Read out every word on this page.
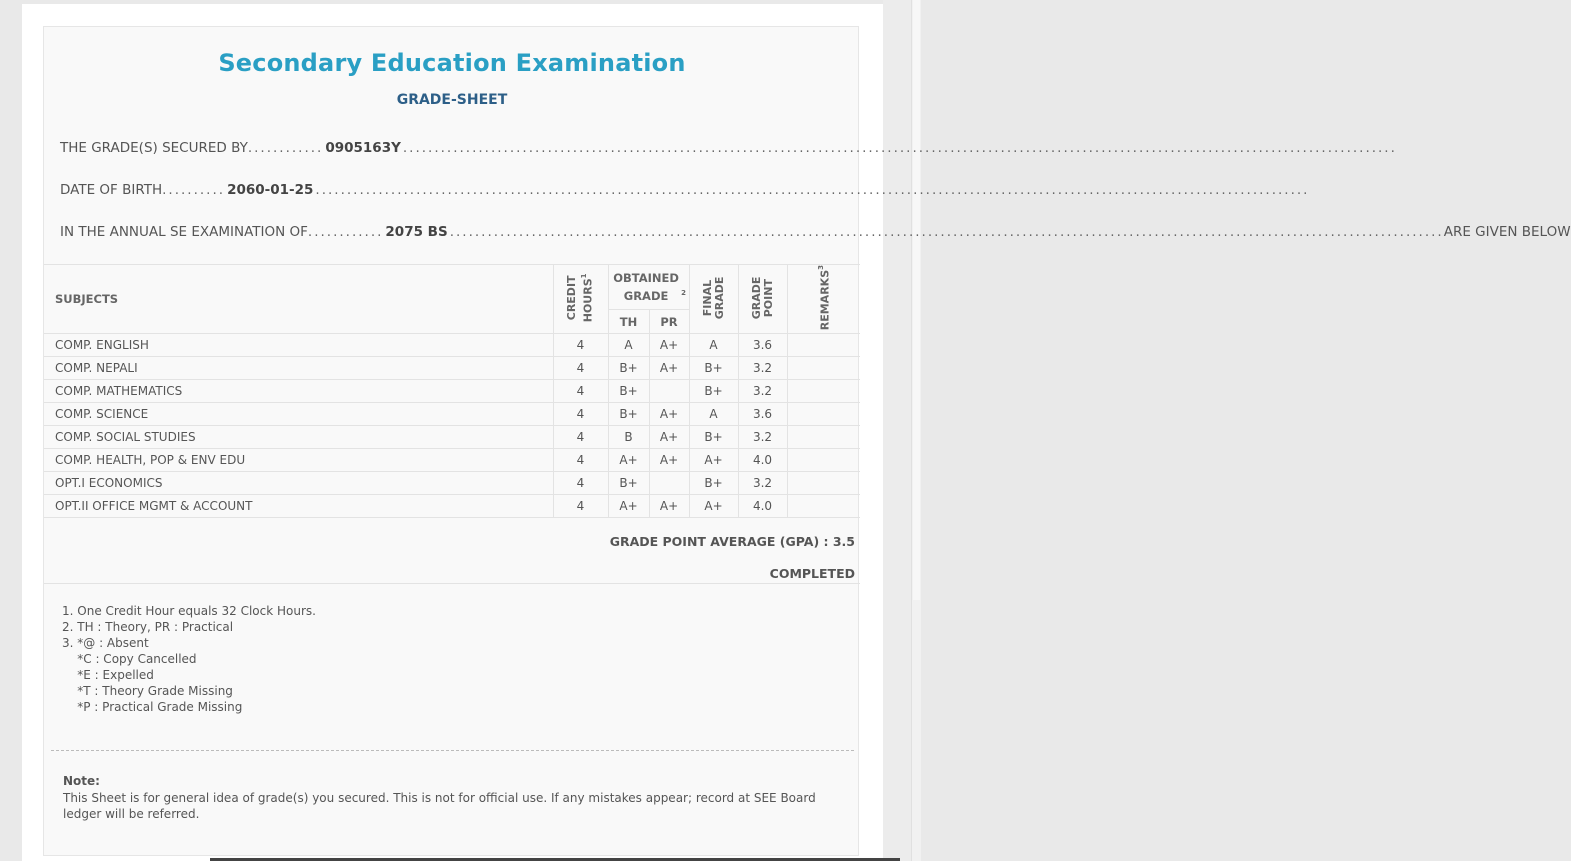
Secondary Education Examination
GRADE-SHEET
THE GRADE(S) SECURED BY ............ 0905163Y ..............................................................................................................................................................
DATE OF BIRTH .......... 2060-01-25 ..............................................................................................................................................................
IN THE ANNUAL SE EXAMINATION OF ............ 2075 BS .............................................................................................................................................................. ARE GIVEN BELOW
SUBJECTS	CREDIT HOURS$^1$	OBTAINED GRADE $^2$		FINAL GRADE	GRADE POINT	REMARKS$^3$
		TH	PR			
COMP. ENGLISH	4	A	A+	A	3.6	
COMP. NEPALI	4	B+	A+	B+	3.2	
COMP. MATHEMATICS	4	B+		B+	3.2	
COMP. SCIENCE	4	B+	A+	A	3.6	
COMP. SOCIAL STUDIES	4	B	A+	B+	3.2	
COMP. HEALTH, POP & ENV EDU	4	A+	A+	A+	4.0	
OPT.I ECONOMICS	4	B+		B+	3.2	
OPT.II OFFICE MGMT & ACCOUNT	4	A+	A+	A+	4.0	
GRADE POINT AVERAGE (GPA) : 3.5
COMPLETED
1. One Credit Hour equals 32 Clock Hours.
2. TH : Theory, PR : Practical
3. *@ : Absent
*C : Copy Cancelled
*E : Expelled
*T : Theory Grade Missing
*P : Practical Grade Missing
Note:
This Sheet is for general idea of grade(s) you secured. This is not for official use. If any mistakes appear; record at SEE Board ledger will be referred.
